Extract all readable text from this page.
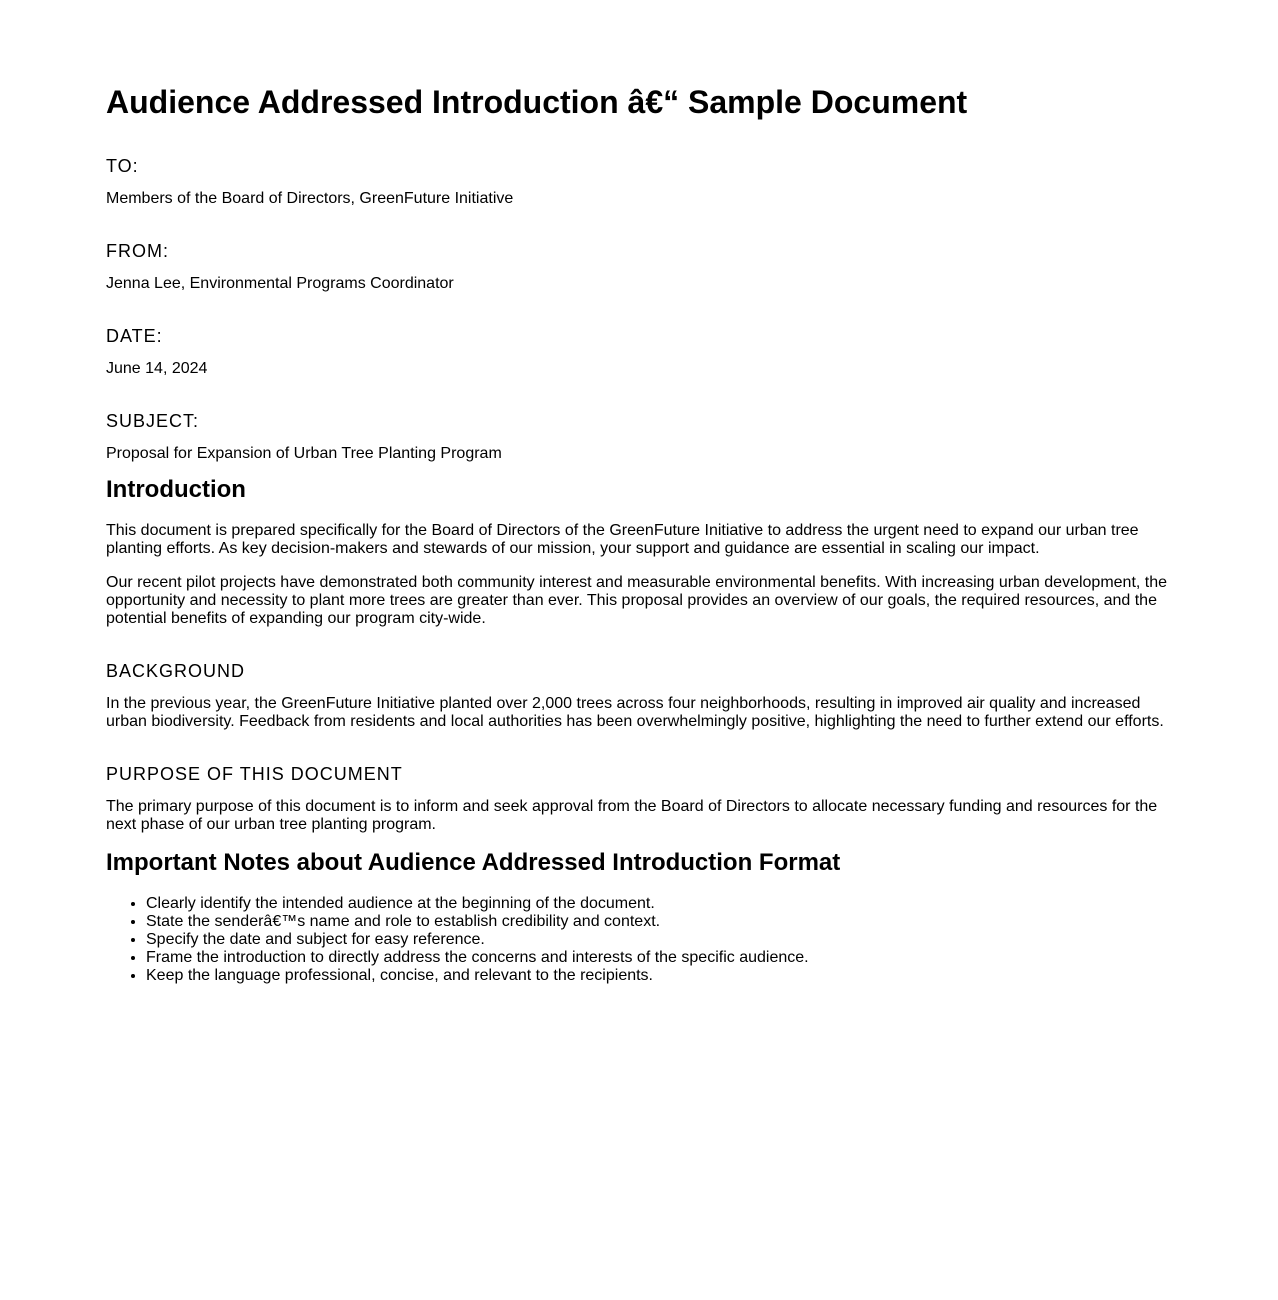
Audience Addressed Introduction â€“ Sample Document
TO:
Members of the Board of Directors, GreenFuture Initiative
FROM:
Jenna Lee, Environmental Programs Coordinator
DATE:
June 14, 2024
SUBJECT:
Proposal for Expansion of Urban Tree Planting Program
Introduction

This document is prepared specifically for the Board of Directors of the GreenFuture Initiative to address the urgent need to expand our urban tree planting efforts. As key decision-makers and stewards of our mission, your support and guidance are essential in scaling our impact.

Our recent pilot projects have demonstrated both community interest and measurable environmental benefits. With increasing urban development, the opportunity and necessity to plant more trees are greater than ever. This proposal provides an overview of our goals, the required resources, and the potential benefits of expanding our program city-wide.

BACKGROUND

In the previous year, the GreenFuture Initiative planted over 2,000 trees across four neighborhoods, resulting in improved air quality and increased urban biodiversity. Feedback from residents and local authorities has been overwhelmingly positive, highlighting the need to further extend our efforts.

PURPOSE OF THIS DOCUMENT

The primary purpose of this document is to inform and seek approval from the Board of Directors to allocate necessary funding and resources for the next phase of our urban tree planting program.

Important Notes about Audience Addressed Introduction Format
• Clearly identify the intended audience at the beginning of the document.
• State the senderâ€™s name and role to establish credibility and context.
• Specify the date and subject for easy reference.
• Frame the introduction to directly address the concerns and interests of the specific audience.
• Keep the language professional, concise, and relevant to the recipients.
